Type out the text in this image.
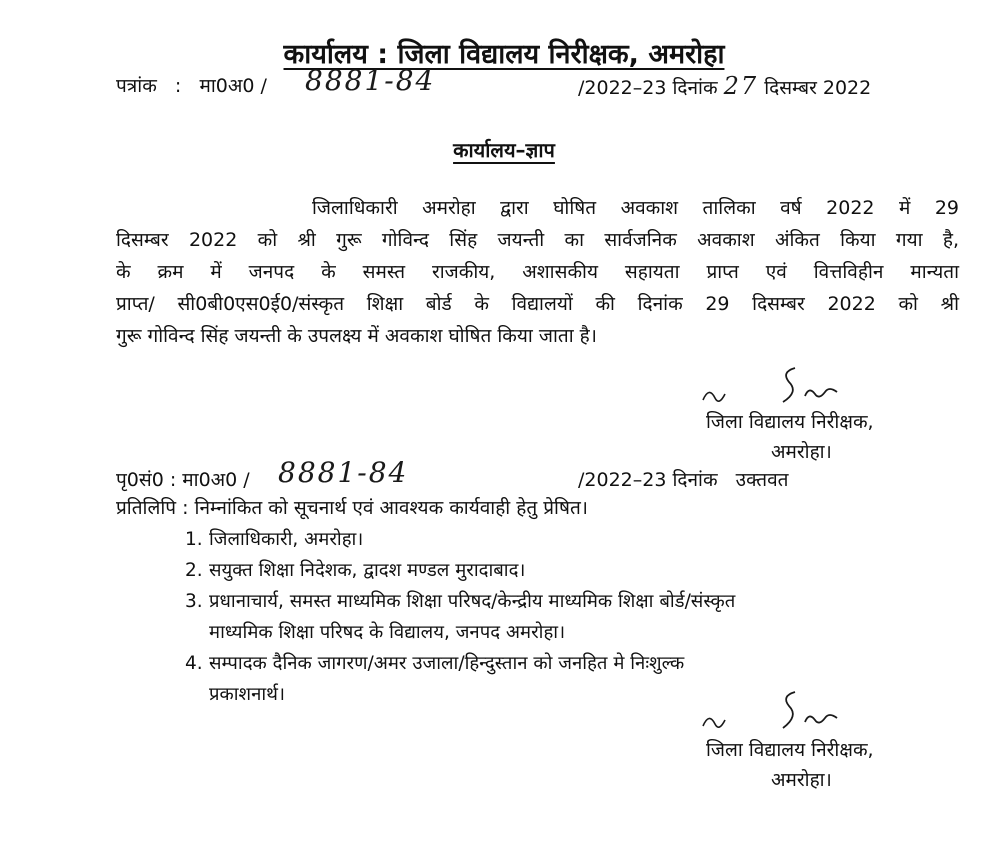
कार्यालय : जिला विद्यालय निरीक्षक, अमरोहा
पत्रांक : मा0अ0 / 8881-84	/2022–23 दिनांक 27 दिसम्बर 2022
कार्यालय–ज्ञाप
जिलाधिकारी अमरोहा द्वारा घोषित अवकाश तालिका वर्ष 2022 में 29
दिसम्बर 2022 को श्री गुरू गोविन्द सिंह जयन्ती का सार्वजनिक अवकाश अंकित किया गया है,
के क्रम में जनपद के समस्त राजकीय, अशासकीय सहायता प्राप्त एवं वित्तविहीन मान्यता
प्राप्त/ सी0बी0एस0ई0/संस्कृत शिक्षा बोर्ड के विद्यालयों की दिनांक 29 दिसम्बर 2022 को श्री
गुरू गोविन्द सिंह जयन्ती के उपलक्ष्य में अवकाश घोषित किया जाता है।
जिला विद्यालय निरीक्षक,
अमरोहा।
पृ0सं0 : मा0अ0 / 8881-84	/2022–23 दिनांक उक्तवत
प्रतिलिपि : निम्नांकित को सूचनार्थ एवं आवश्यक कार्यवाही हेतु प्रेषित।
1. जिलाधिकारी, अमरोहा।
2. सयुक्त शिक्षा निदेशक, द्वादश मण्डल मुरादाबाद।
3. प्रधानाचार्य, समस्त माध्यमिक शिक्षा परिषद/केन्द्रीय माध्यमिक शिक्षा बोर्ड/संस्कृत
माध्यमिक शिक्षा परिषद के विद्यालय, जनपद अमरोहा।
4. सम्पादक दैनिक जागरण/अमर उजाला/हिन्दुस्तान को जनहित मे निःशुल्क
प्रकाशनार्थ।
जिला विद्यालय निरीक्षक,
अमरोहा।
